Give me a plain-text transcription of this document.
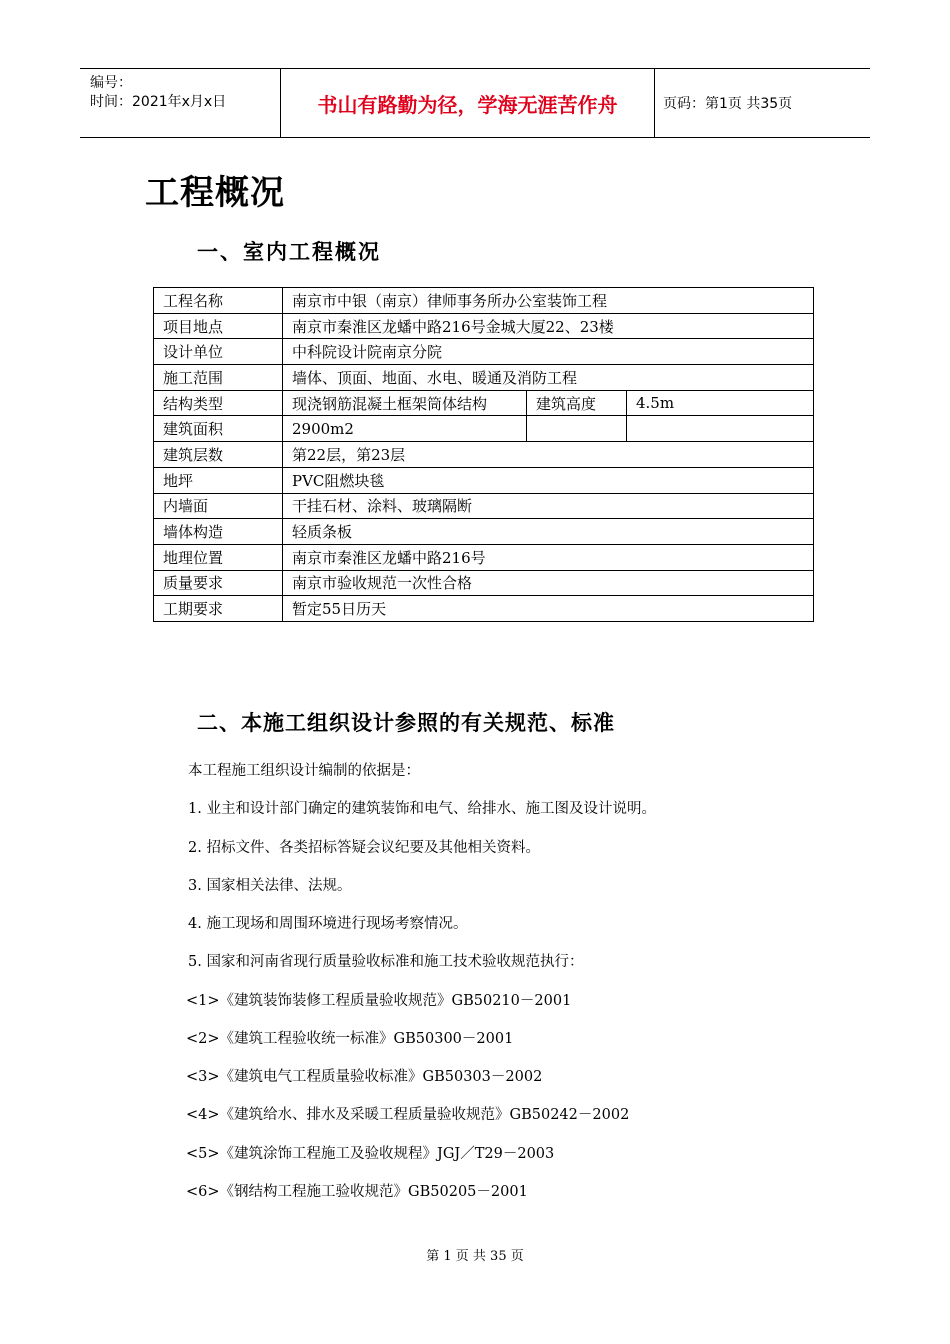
编号：
时间：2021年x月x日	书山有路勤为径，学海无涯苦作舟	页码：第1页 共35页
工程概况
一、室内工程概况
工程名称	南京市中银（南京）律师事务所办公室装饰工程		
项目地点	南京市秦淮区龙蟠中路216号金城大厦22、23楼		
设计单位	中科院设计院南京分院		
施工范围	墙体、顶面、地面、水电、暖通及消防工程		
结构类型	现浇钢筋混凝土框架筒体结构	建筑高度	4.5m
建筑面积	2900m2		
建筑层数	第22层，第23层		
地坪	PVC阻燃块毯		
内墙面	干挂石材、涂料、玻璃隔断		
墙体构造	轻质条板		
地理位置	南京市秦淮区龙蟠中路216号		
质量要求	南京市验收规范一次性合格		
工期要求	暂定55日历天		
二、本施工组织设计参照的有关规范、标准
本工程施工组织设计编制的依据是：
1. 业主和设计部门确定的建筑装饰和电气、给排水、施工图及设计说明。
2. 招标文件、各类招标答疑会议纪要及其他相关资料。
3. 国家相关法律、法规。
4. 施工现场和周围环境进行现场考察情况。
5. 国家和河南省现行质量验收标准和施工技术验收规范执行：
<1>《建筑装饰装修工程质量验收规范》GB50210－2001
<2>《建筑工程验收统一标准》GB50300－2001
<3>《建筑电气工程质量验收标准》GB50303－2002
<4>《建筑给水、排水及采暖工程质量验收规范》GB50242－2002
<5>《建筑涂饰工程施工及验收规程》JGJ／T29－2003
<6>《钢结构工程施工验收规范》GB50205－2001
第 1 页 共 35 页
